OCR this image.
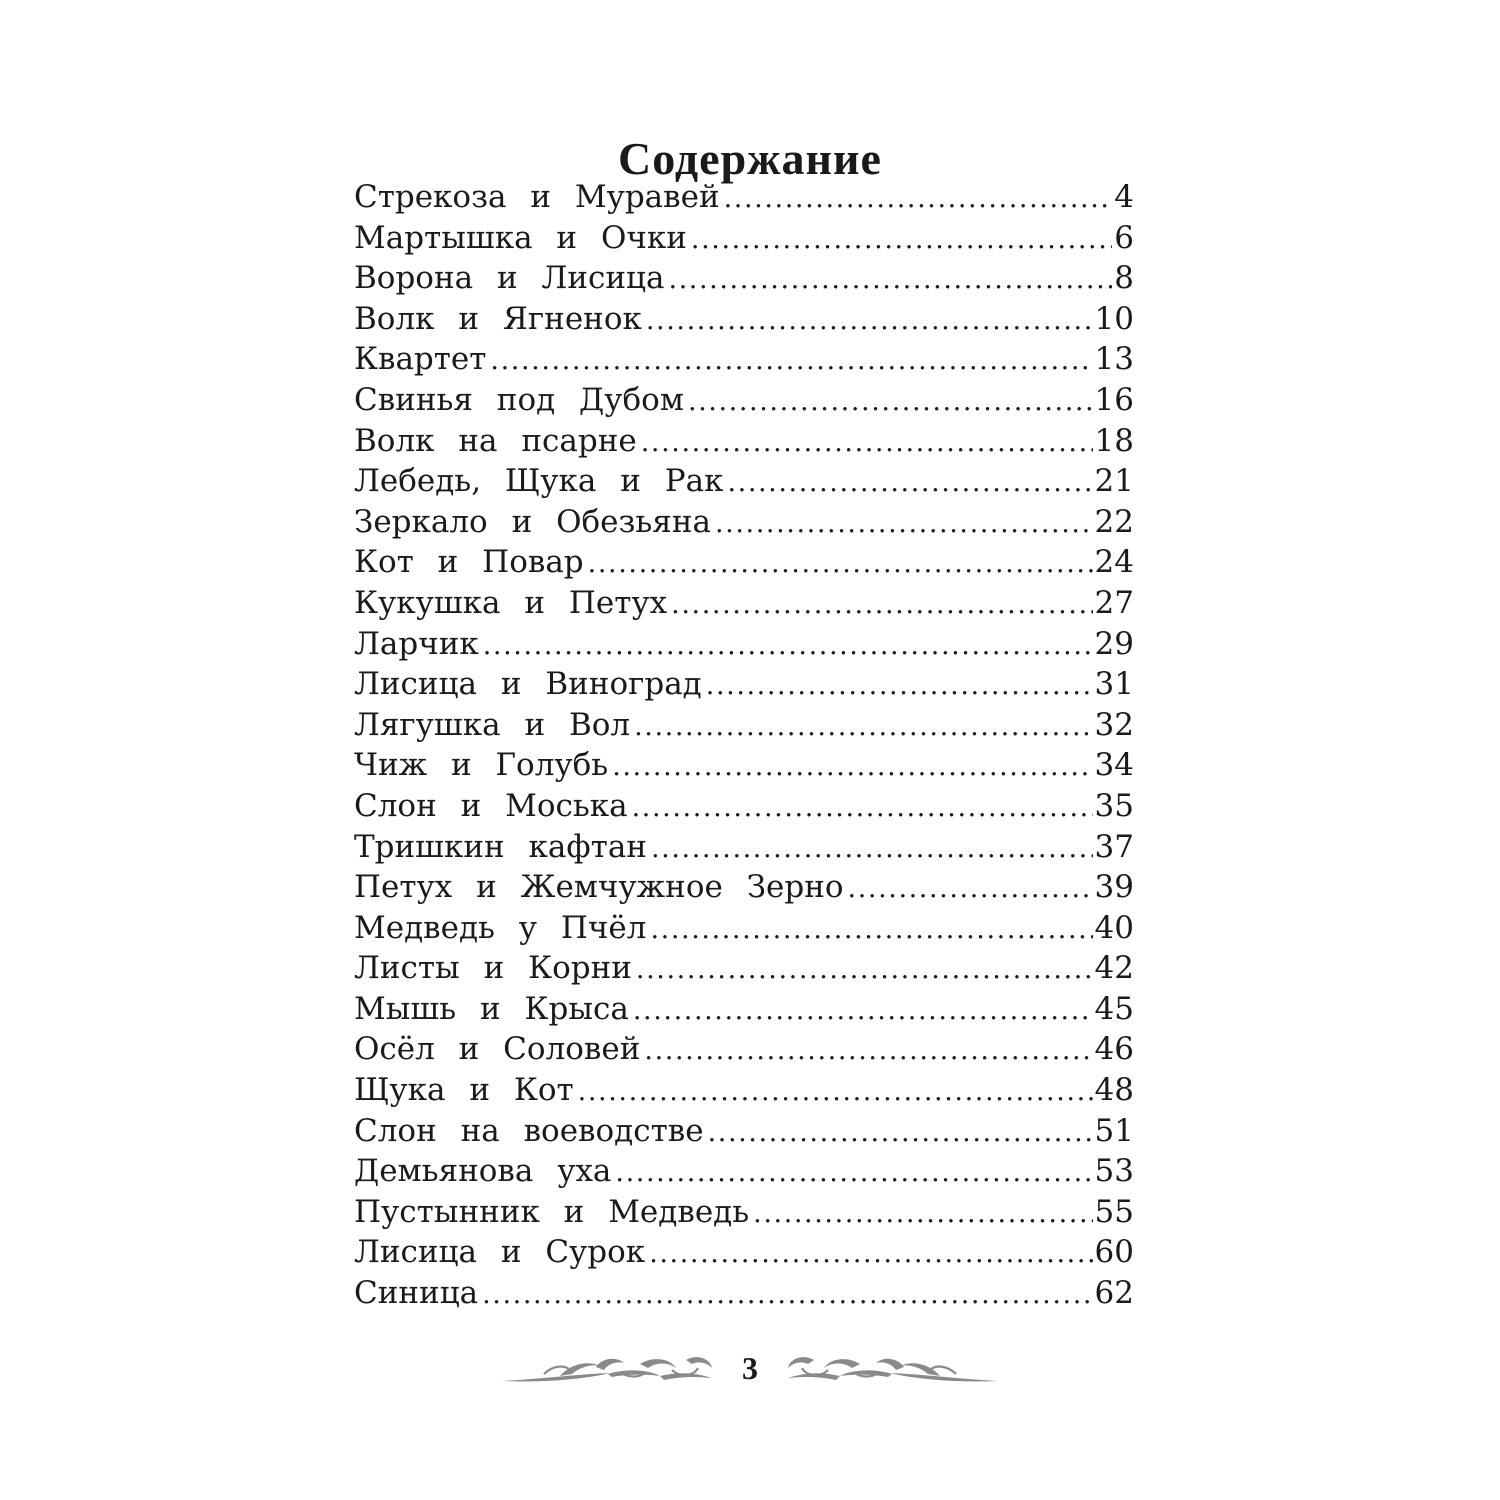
Содержание
Стрекоза и Муравей .....	4
Мартышка и Очки .....	6
Ворона и Лисица .....	8
Волк и Ягненок .....	10
Квартет .....	13
Свинья под Дубом .....	16
Волк на псарне .....	18
Лебедь, Щука и Рак .....	21
Зеркало и Обезьяна .....	22
Кот и Повар .....	24
Кукушка и Петух .....	27
Ларчик .....	29
Лисица и Виноград .....	31
Лягушка и Вол .....	32
Чиж и Голубь .....	34
Слон и Моська .....	35
Тришкин кафтан .....	37
Петух и Жемчужное Зерно .....	39
Медведь у Пчёл .....	40
Листы и Корни .....	42
Мышь и Крыса .....	45
Осёл и Соловей .....	46
Щука и Кот .....	48
Слон на воеводстве .....	51
Демьянова уха .....	53
Пустынник и Медведь .....	55
Лисица и Сурок .....	60
Синица .....	62
3
